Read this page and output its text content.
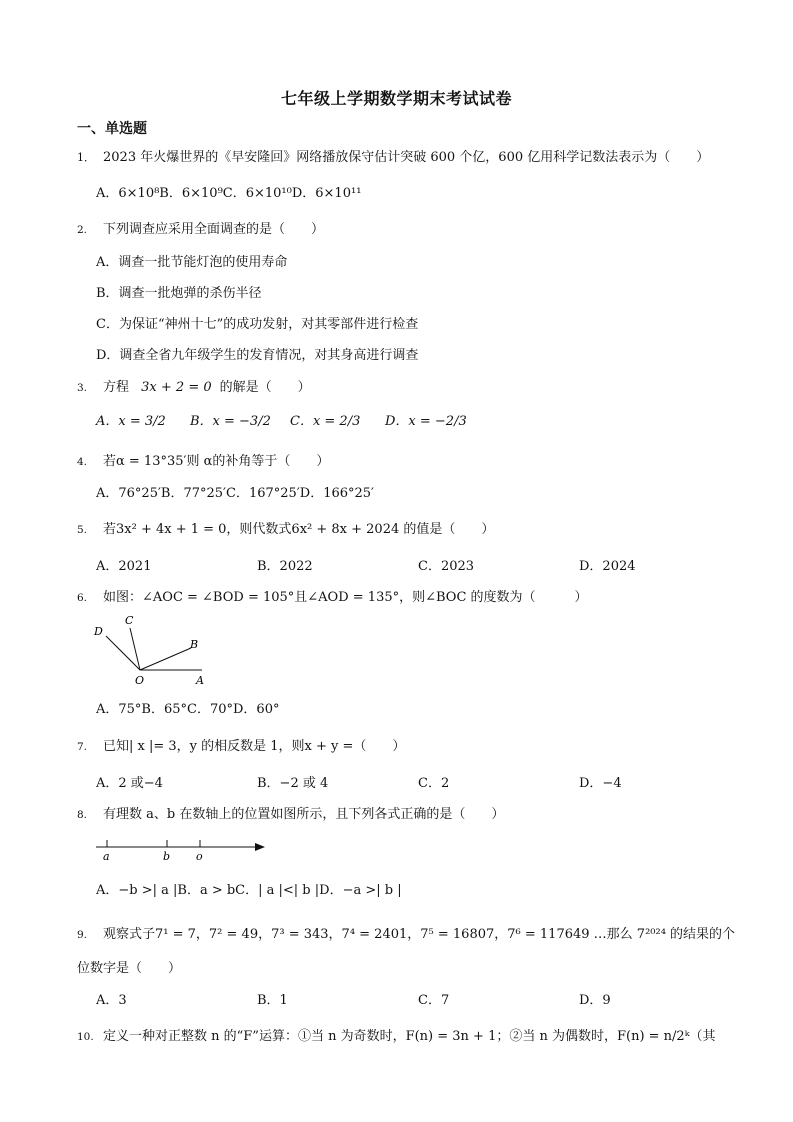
七年级上学期数学期末考试试卷
一、单选题
1． 2023 年火爆世界的《早安隆回》网络播放保守估计突破 600 个亿，600 亿用科学记数法表示为（　　）
A．6×10⁸B．6×10⁹C．6×10¹⁰D．6×10¹¹
2. 下列调查应采用全面调查的是（　　）
A．调查一批节能灯泡的使用寿命
B．调查一批炮弹的杀伤半径
C．为保证“神州十七”的成功发射，对其零部件进行检查
D．调查全省九年级学生的发育情况，对其身高进行调查
3. 方程 3x + 2 = 0 的解是（　　）
A．x = 3/2 B．x = −3/2 C．x = 2/3 D．x = −2/3
4. 若α = 13°35′则 α的补角等于（　　）
A．76°25′B．77°25′C．167°25′D．166°25′
5. 若3x² + 4x + 1 = 0，则代数式6x² + 8x + 2024 的值是（　　）
A．2021	B．2022	C．2023	D．2024
6. 如图：∠AOC = ∠BOD = 105°且∠AOD = 135°，则∠BOC 的度数为（　　　）
D
C
B
O	A
A．75°B．65°C．70°D．60°
7. 已知| x |= 3，y 的相反数是 1，则x + y =（　　）
A．2 或−4	B．−2 或 4	C．2	D．−4
8. 有理数 a、b 在数轴上的位置如图所示，且下列各式正确的是（　　）
a	b o
A．−b >| a |B．a > bC．| a |<| b |D．−a >| b |
9. 观察式子7¹ = 7，7² = 49，7³ = 343，7⁴ = 2401，7⁵ = 16807，7⁶ = 117649 …那么 7²⁰²⁴ 的结果的个
位数字是（　　）
A．3	B．1	C．7	D．9
10. 定义一种对正整数 n 的“F”运算：①当 n 为奇数时，F(n) = 3n + 1；②当 n 为偶数时，F(n) = n/2ᵏ（其
